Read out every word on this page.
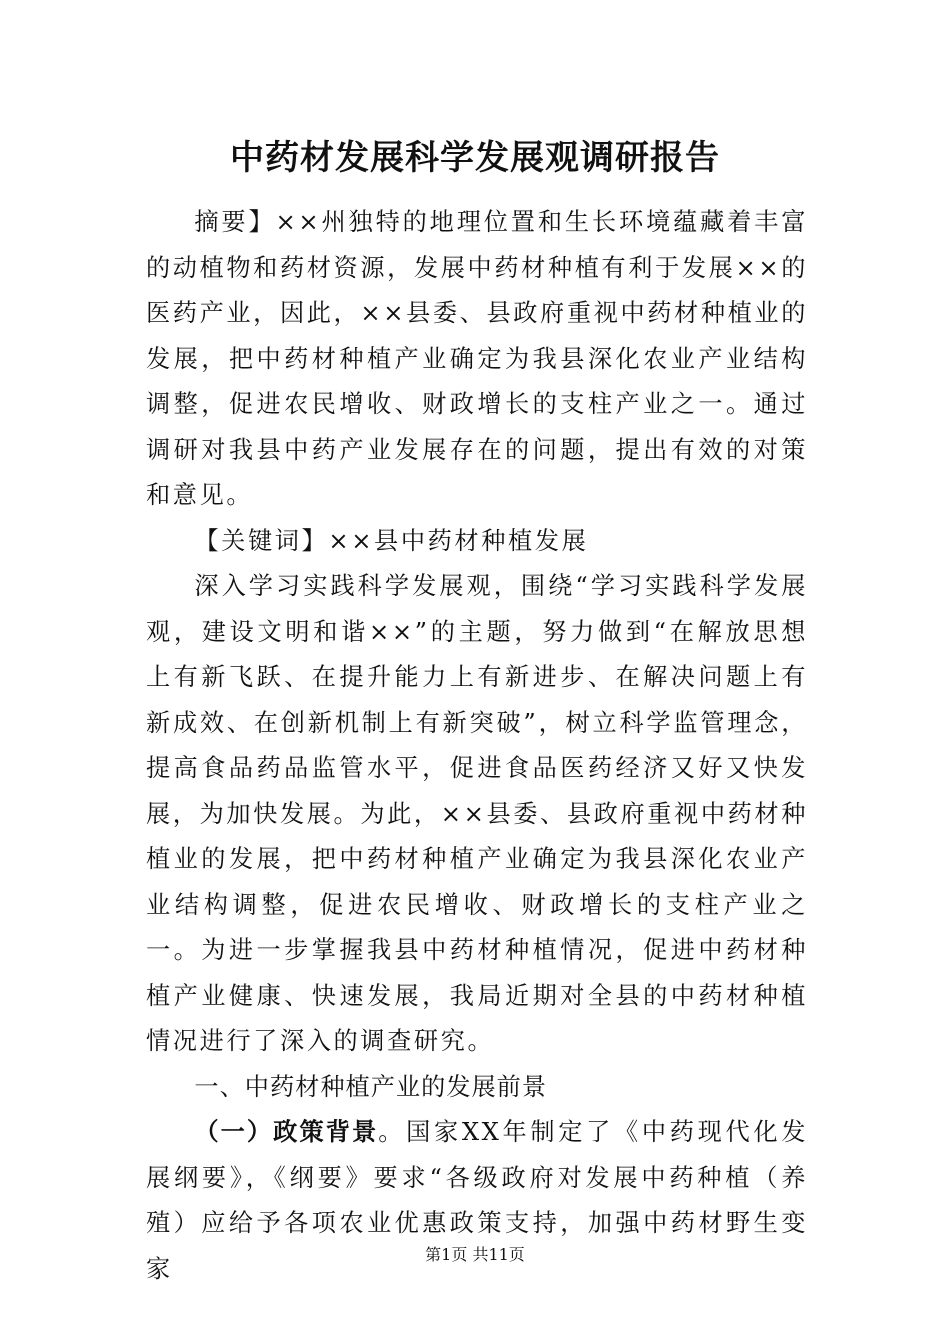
中药材发展科学发展观调研报告

摘要】××州独特的地理位置和生长环境蕴藏着丰富的动植物和药材资源，发展中药材种植有利于发展××的医药产业，因此，××县委、县政府重视中药材种植业的发展，把中药材种植产业确定为我县深化农业产业结构调整，促进农民增收、财政增长的支柱产业之一。通过调研对我县中药产业发展存在的问题，提出有效的对策和意见。

【关键词】××县中药材种植发展

深入学习实践科学发展观，围绕“学习实践科学发展观，建设文明和谐××”的主题，努力做到“在解放思想上有新飞跃、在提升能力上有新进步、在解决问题上有新成效、在创新机制上有新突破”，树立科学监管理念，提高食品药品监管水平，促进食品医药经济又好又快发展，为加快发展。为此，××县委、县政府重视中药材种植业的发展，把中药材种植产业确定为我县深化农业产业结构调整，促进农民增收、财政增长的支柱产业之一。为进一步掌握我县中药材种植情况，促进中药材种植产业健康、快速发展，我局近期对全县的中药材种植情况进行了深入的调查研究。

一、中药材种植产业的发展前景

（一）政策背景。国家XX年制定了《中药现代化发展纲要》，《纲要》要求“各级政府对发展中药种植（养殖）应给予各项农业优惠政策支持，加强中药材野生变家	第1页 共11页
